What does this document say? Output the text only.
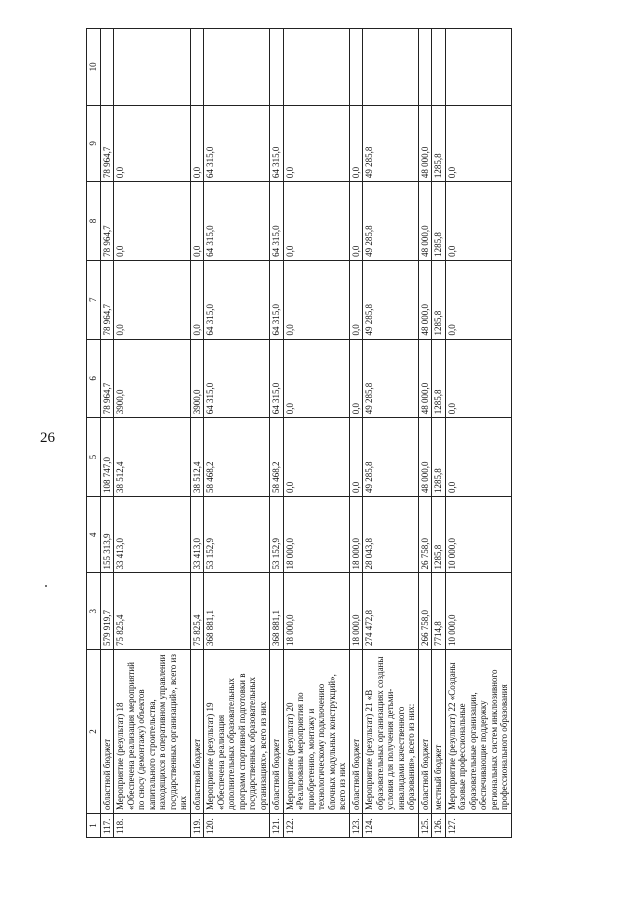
26
1	2	3	4	5	6	7	8	9	10
117.	областной бюджет	579 919,7	155 313,9	108 747,0	78 964,7	78 964,7	78 964,7	78 964,7	
118.	Мероприятие (результат) 18 «Обеспечена реализация мероприятий по сносу (демонтажу) объектов капитального строительства, находящихся в оперативном управлении государственных организаций», всего из них	75 825,4	33 413,0	38 512,4	3900,0	0,0	0,0	0,0	
119.	областной бюджет	75 825,4	33 413,0	38 512,4	3900,0	0,0	0,0	0,0	
120.	Мероприятие (результат) 19 «Обеспечена реализация дополнительных образовательных программ спортивной подготовки в государственных образовательных организациях», всего из них	368 881,1	53 152,9	58 468,2	64 315,0	64 315,0	64 315,0	64 315,0	
121.	областной бюджет	368 881,1	53 152,9	58 468,2	64 315,0	64 315,0	64 315,0	64 315,0	
122.	Мероприятие (результат) 20 «Реализованы мероприятия по приобретению, монтажу и технологическому подключению блочных модульных конструкций», всего из них	18 000,0	18 000,0	0,0	0,0	0,0	0,0	0,0	
123.	областной бюджет	18 000,0	18 000,0	0,0	0,0	0,0	0,0	0,0	
124.	Мероприятие (результат) 21 «В образовательных организациях созданы условия для получения детьми-инвалидами качественного образования», всего из них:	274 472,8	28 043,8	49 285,8	49 285,8	49 285,8	49 285,8	49 285,8	
125.	областной бюджет	266 758,0	26 758,0	48 000,0	48 000,0	48 000,0	48 000,0	48 000,0	
126.	местный бюджет	7714,8	1285,8	1285,8	1285,8	1285,8	1285,8	1285,8	
127.	Мероприятие (результат) 22 «Созданы базовые профессиональные образовательные организации, обеспечивающие поддержку региональных систем инклюзивного профессионального образования	10 000,0	10 000,0	0,0	0,0	0,0	0,0	0,0	
